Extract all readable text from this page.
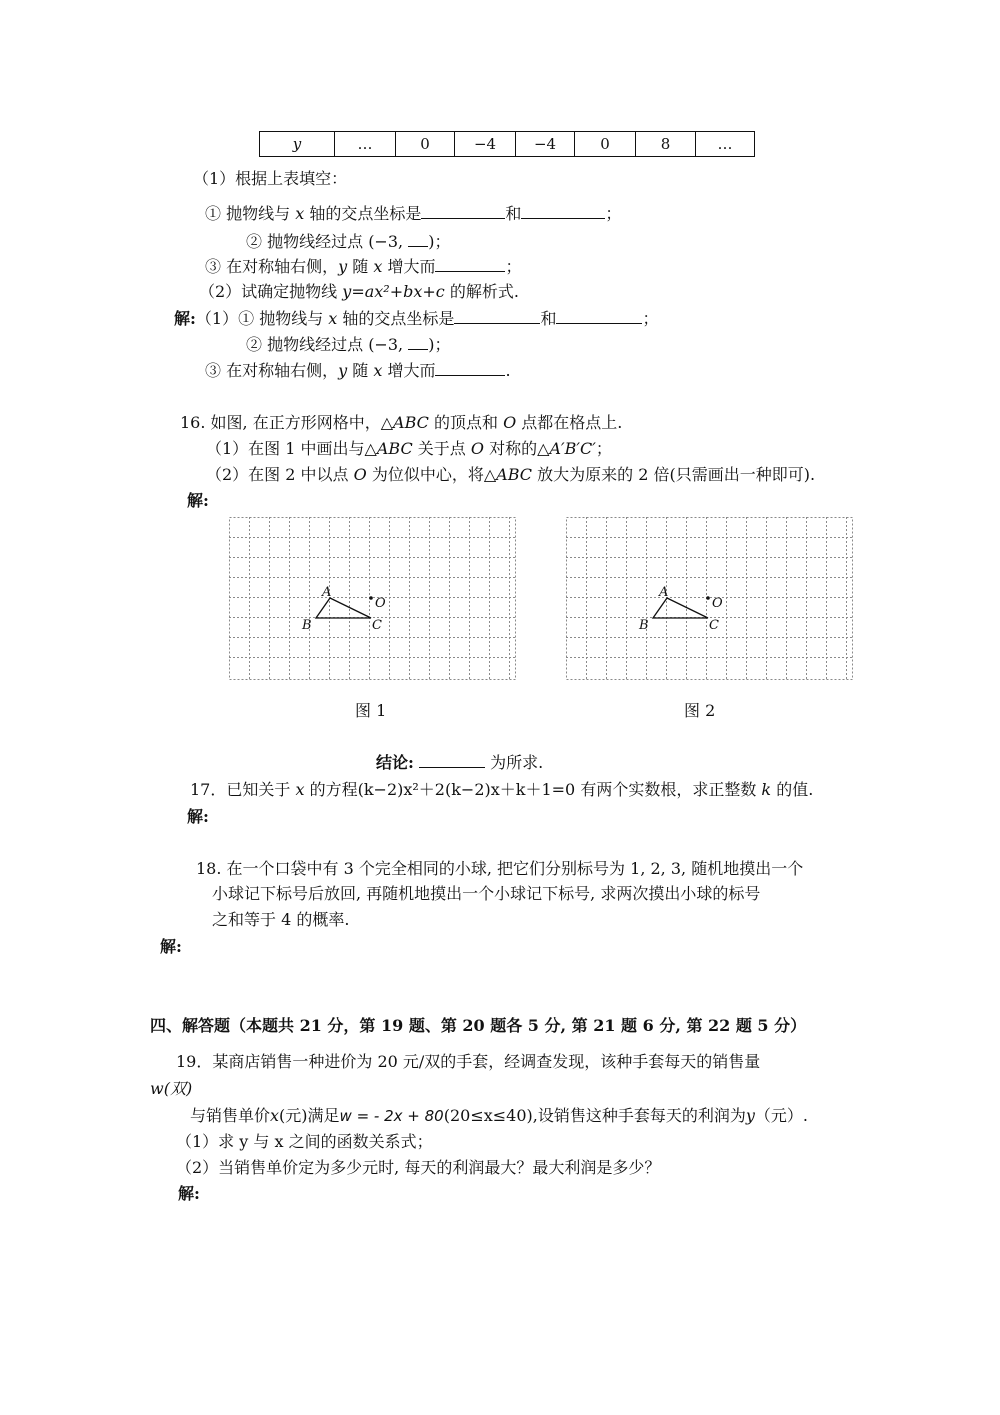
y	…	0	−4	−4	0	8	…
（1）根据上表填空：
① 抛物线与 x 轴的交点坐标是	和	；
② 抛物线经过点 (−3, )；
③ 在对称轴右侧，y 随 x 增大而	；
（2）试确定抛物线 y=ax²+bx+c 的解析式.
解:（1）① 抛物线与 x 轴的交点坐标是	和	；
② 抛物线经过点 (−3, )；
③ 在对称轴右侧，y 随 x 增大而	.
16. 如图, 在正方形网格中，△ABC 的顶点和 O 点都在格点上.
（1）在图 1 中画出与△ABC 关于点 O 对称的△A′B′C′；
（2）在图 2 中以点 O 为位似中心，将△ABC 放大为原来的 2 倍(只需画出一种即可).
解:
A
B	C
O
A
B	C
O
图 1	图 2
结论:	为所求.
17．已知关于 x 的方程(k−2)x²＋2(k−2)x＋k＋1=0 有两个实数根，求正整数 k 的值.
解:
18. 在一个口袋中有 3 个完全相同的小球, 把它们分别标号为 1, 2, 3, 随机地摸出一个
小球记下标号后放回, 再随机地摸出一个小球记下标号, 求两次摸出小球的标号
之和等于 4 的概率.
解:
四、解答题（本题共 21 分，第 19 题、第 20 题各 5 分, 第 21 题 6 分, 第 22 题 5 分）
19．某商店销售一种进价为 20 元/双的手套，经调查发现，该种手套每天的销售量
w(双)
与销售单价x(元)满足w = - 2x + 80(20≤x≤40),设销售这种手套每天的利润为y（元）.
（1）求 y 与 x 之间的函数关系式；
（2）当销售单价定为多少元时, 每天的利润最大？最大利润是多少？
解:
